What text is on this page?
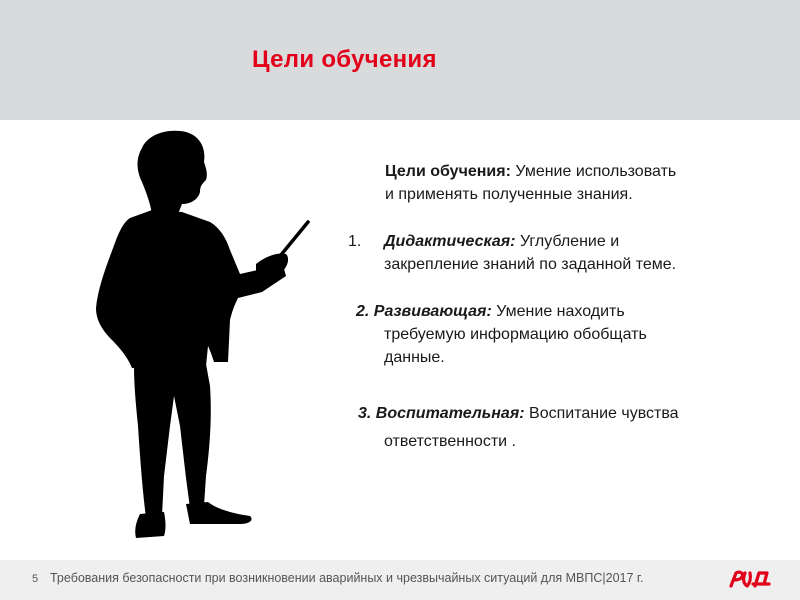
Цели обучения
Цели обучения: Умение использовать
и применять полученные знания.
1. Дидактическая: Углубление и
закрепление знаний по заданной теме.
2. Развивающая: Умение находить
требуемую информацию обобщать
данные.
3. Воспитательная: Воспитание чувства
ответственности .
5 Требования безопасности при возникновении аварийных и чрезвычайных ситуаций для МВПС|2017 г.
